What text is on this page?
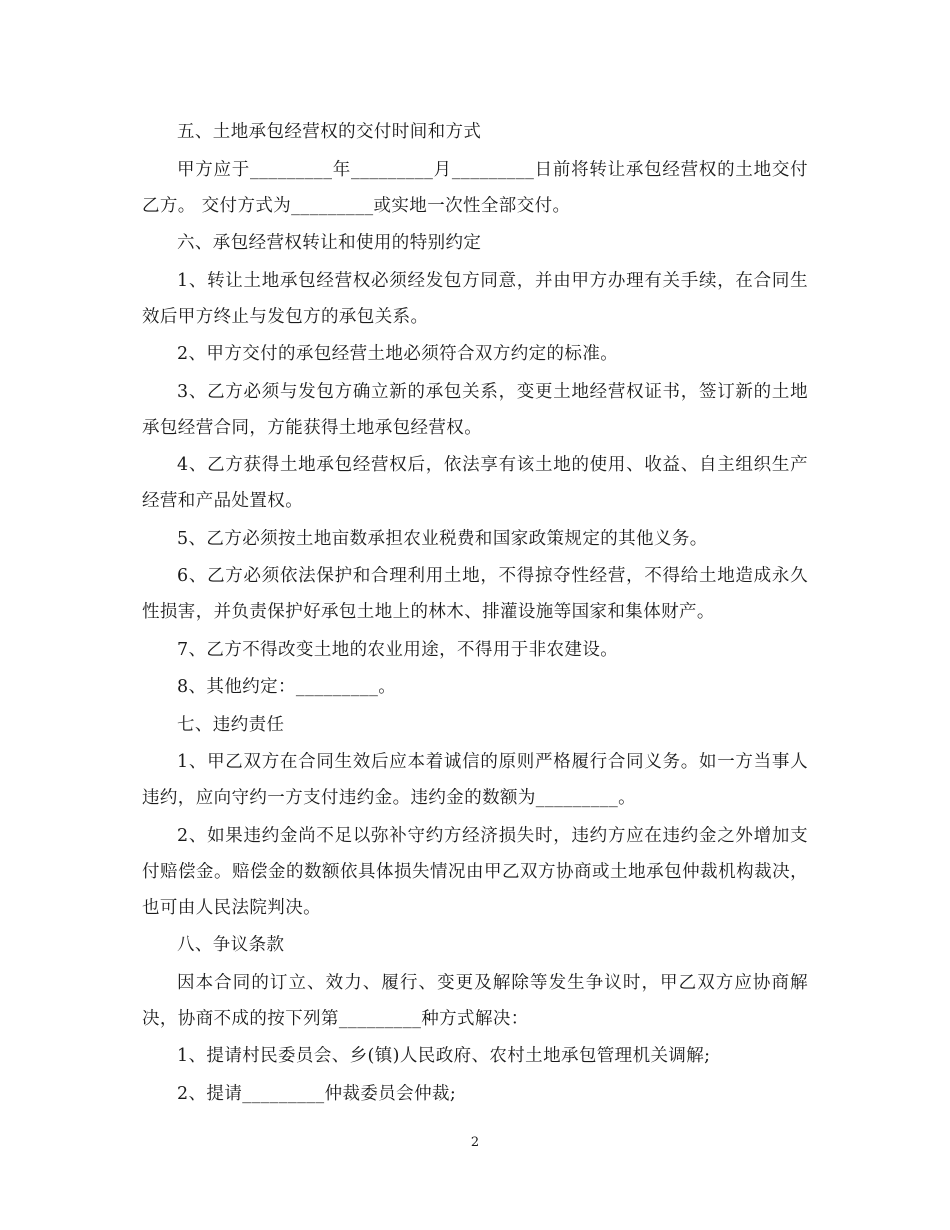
五、土地承包经营权的交付时间和方式

甲方应于_________年_________月_________日前将转让承包经营权的土地交付乙方。 交付方式为_________或实地一次性全部交付。

六、承包经营权转让和使用的特别约定

1、转让土地承包经营权必须经发包方同意，并由甲方办理有关手续，在合同生效后甲方终止与发包方的承包关系。

2、甲方交付的承包经营土地必须符合双方约定的标准。

3、乙方必须与发包方确立新的承包关系，变更土地经营权证书，签订新的土地承包经营合同，方能获得土地承包经营权。

4、乙方获得土地承包经营权后，依法享有该土地的使用、收益、自主组织生产经营和产品处置权。

5、乙方必须按土地亩数承担农业税费和国家政策规定的其他义务。

6、乙方必须依法保护和合理利用土地，不得掠夺性经营，不得给土地造成永久性损害，并负责保护好承包土地上的林木、排灌设施等国家和集体财产。

7、乙方不得改变土地的农业用途，不得用于非农建设。

8、其他约定：_________。

七、违约责任

1、甲乙双方在合同生效后应本着诚信的原则严格履行合同义务。如一方当事人违约，应向守约一方支付违约金。违约金的数额为_________。

2、如果违约金尚不足以弥补守约方经济损失时，违约方应在违约金之外增加支付赔偿金。赔偿金的数额依具体损失情况由甲乙双方协商或土地承包仲裁机构裁决，也可由人民法院判决。

八、争议条款

因本合同的订立、效力、履行、变更及解除等发生争议时，甲乙双方应协商解决，协商不成的按下列第_________种方式解决：

1、提请村民委员会、乡(镇)人民政府、农村土地承包管理机关调解;

2、提请_________仲裁委员会仲裁;

2
